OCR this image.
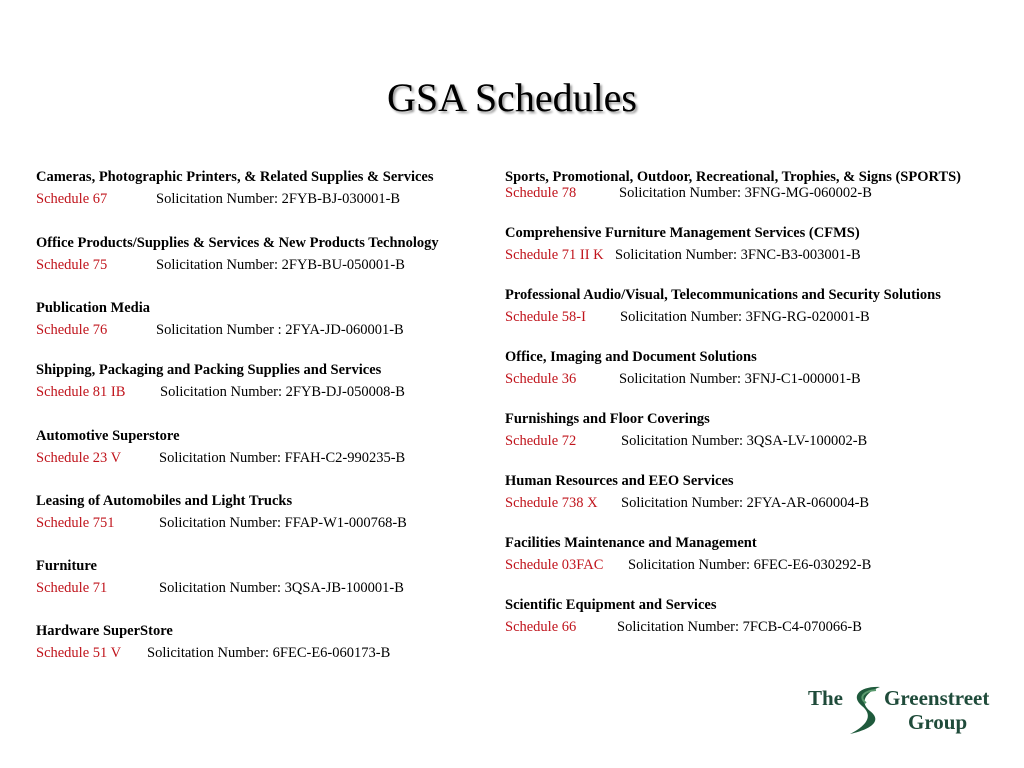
GSA Schedules
Cameras, Photographic Printers, & Related Supplies & Services
Schedule 67	Solicitation Number: 2FYB-BJ-030001-B
Office Products/Supplies & Services & New Products Technology
Schedule 75	Solicitation Number: 2FYB-BU-050001-B
Publication Media
Schedule 76	Solicitation Number : 2FYA-JD-060001-B
Shipping, Packaging and Packing Supplies and Services
Schedule 81 IB Solicitation Number: 2FYB-DJ-050008-B
Automotive Superstore
Schedule 23 V	Solicitation Number: FFAH-C2-990235-B
Leasing of Automobiles and Light Trucks
Schedule 751	Solicitation Number: FFAP-W1-000768-B
Furniture
Schedule 71	Solicitation Number: 3QSA-JB-100001-B
Hardware SuperStore
Schedule 51 V Solicitation Number: 6FEC-E6-060173-B
Sports, Promotional, Outdoor, Recreational, Trophies, & Signs (SPORTS)
Schedule 78	Solicitation Number: 3FNG-MG-060002-B
Comprehensive Furniture Management Services (CFMS)
Schedule 71 II K Solicitation Number: 3FNC-B3-003001-B
Professional Audio/Visual, Telecommunications and Security Solutions
Schedule 58-I Solicitation Number: 3FNG-RG-020001-B
Office, Imaging and Document Solutions
Schedule 36	Solicitation Number: 3FNJ-C1-000001-B
Furnishings and Floor Coverings
Schedule 72	Solicitation Number: 3QSA-LV-100002-B
Human Resources and EEO Services
Schedule 738 X Solicitation Number: 2FYA-AR-060004-B
Facilities Maintenance and Management
Schedule 03FAC Solicitation Number: 6FEC-E6-030292-B
Scientific Equipment and Services
Schedule 66	Solicitation Number: 7FCB-C4-070066-B
The Greenstreet
Group
